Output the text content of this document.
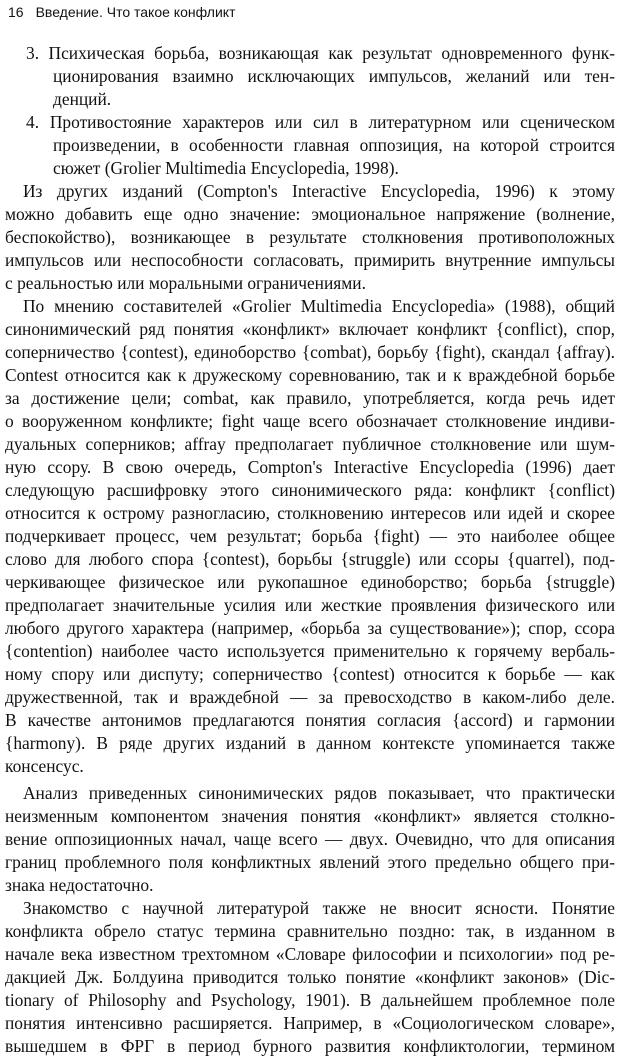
16 Введение. Что такое конфликт
3. Психическая борьба, возникающая как результат одновременного функ-
ционирования взаимно исключающих импульсов, желаний или тен-
денций.
4. Противостояние характеров или сил в литературном или сценическом
произведении, в особенности главная оппозиция, на которой строится
сюжет (Grolier Multimedia Encyclopedia, 1998).
Из других изданий (Compton's Interactive Encyclopedia, 1996) к этому
можно добавить еще одно значение: эмоциональное напряжение (волнение,
беспокойство), возникающее в результате столкновения противоположных
импульсов или неспособности согласовать, примирить внутренние импульсы
с реальностью или моральными ограничениями.
По мнению составителей «Grolier Multimedia Encyclopedia» (1988), общий
синонимический ряд понятия «конфликт» включает конфликт {conflict), спор,
соперничество {contest), единоборство {combat), борьбу {fight), скандал {affray).
Contest относится как к дружескому соревнованию, так и к враждебной борьбе
за достижение цели; combat, как правило, употребляется, когда речь идет
о вооруженном конфликте; fight чаще всего обозначает столкновение индиви-
дуальных соперников; affray предполагает публичное столкновение или шум-
ную ссору. В свою очередь, Compton's Interactive Encyclopedia (1996) дает
следующую расшифровку этого синонимического ряда: конфликт {conflict)
относится к острому разногласию, столкновению интересов или идей и скорее
подчеркивает процесс, чем результат; борьба {fight) — это наиболее общее
слово для любого спора {contest), борьбы {struggle) или ссоры {quarrel), под-
черкивающее физическое или рукопашное единоборство; борьба {struggle)
предполагает значительные усилия или жесткие проявления физического или
любого другого характера (например, «борьба за существование»); спор, ссора
{contention) наиболее часто используется применительно к горячему вербаль-
ному спору или диспуту; соперничество {contest) относится к борьбе — как
дружественной, так и враждебной — за превосходство в каком-либо деле.
В качестве антонимов предлагаются понятия согласия {accord) и гармонии
{harmony). В ряде других изданий в данном контексте упоминается также
консенсус.
Анализ приведенных синонимических рядов показывает, что практически
неизменным компонентом значения понятия «конфликт» является столкно-
вение оппозиционных начал, чаще всего — двух. Очевидно, что для описания
границ проблемного поля конфликтных явлений этого предельно общего при-
знака недостаточно.
Знакомство с научной литературой также не вносит ясности. Понятие
конфликта обрело статус термина сравнительно поздно: так, в изданном в
начале века известном трехтомном «Словаре философии и психологии» под ре-
дакцией Дж. Болдуина приводится только понятие «конфликт законов» (Dic-
tionary of Philosophy and Psychology, 1901). В дальнейшем проблемное поле
понятия интенсивно расширяется. Например, в «Социологическом словаре»,
вышедшем в ФРГ в период бурного развития конфликтологии, термином
